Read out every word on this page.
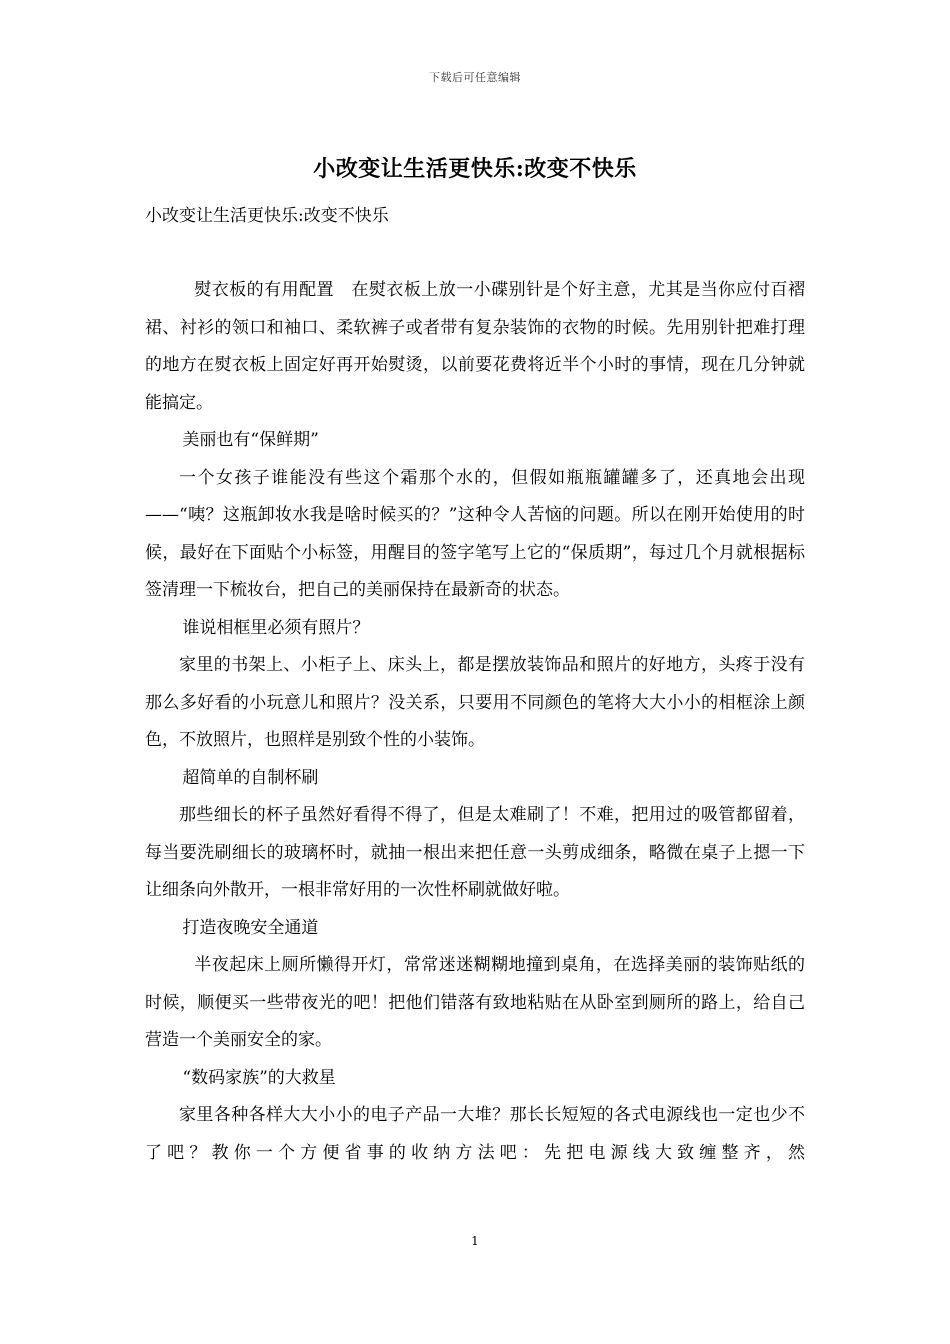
下载后可任意编辑
小改变让生活更快乐:改变不快乐
小改变让生活更快乐:改变不快乐

熨衣板的有用配置　在熨衣板上放一小碟别针是个好主意，尤其是当你应付百褶裙、衬衫的领口和袖口、柔软裤子或者带有复杂装饰的衣物的时候。先用别针把难打理的地方在熨衣板上固定好再开始熨烫，以前要花费将近半个小时的事情，现在几分钟就能搞定。

美丽也有“保鲜期”

一个女孩子谁能没有些这个霜那个水的，但假如瓶瓶罐罐多了，还真地会出现——“咦？这瓶卸妆水我是啥时候买的？”这种令人苦恼的问题。所以在刚开始使用的时候，最好在下面贴个小标签，用醒目的签字笔写上它的“保质期”，每过几个月就根据标签清理一下梳妆台，把自己的美丽保持在最新奇的状态。

谁说相框里必须有照片？

家里的书架上、小柜子上、床头上，都是摆放装饰品和照片的好地方，头疼于没有那么多好看的小玩意儿和照片？没关系，只要用不同颜色的笔将大大小小的相框涂上颜色，不放照片，也照样是别致个性的小装饰。

超简单的自制杯刷

那些细长的杯子虽然好看得不得了，但是太难刷了！不难，把用过的吸管都留着，每当要洗刷细长的玻璃杯时，就抽一根出来把任意一头剪成细条，略微在桌子上摁一下让细条向外散开，一根非常好用的一次性杯刷就做好啦。

打造夜晚安全通道

半夜起床上厕所懒得开灯，常常迷迷糊糊地撞到桌角，在选择美丽的装饰贴纸的时候，顺便买一些带夜光的吧！把他们错落有致地粘贴在从卧室到厕所的路上，给自己营造一个美丽安全的家。

“数码家族”的大救星

家里各种各样大大小小的电子产品一大堆？那长长短短的各式电源线也一定也少不了吧？教你一个方便省事的收纳方法吧：先把电源线大致缠整齐，然

1
